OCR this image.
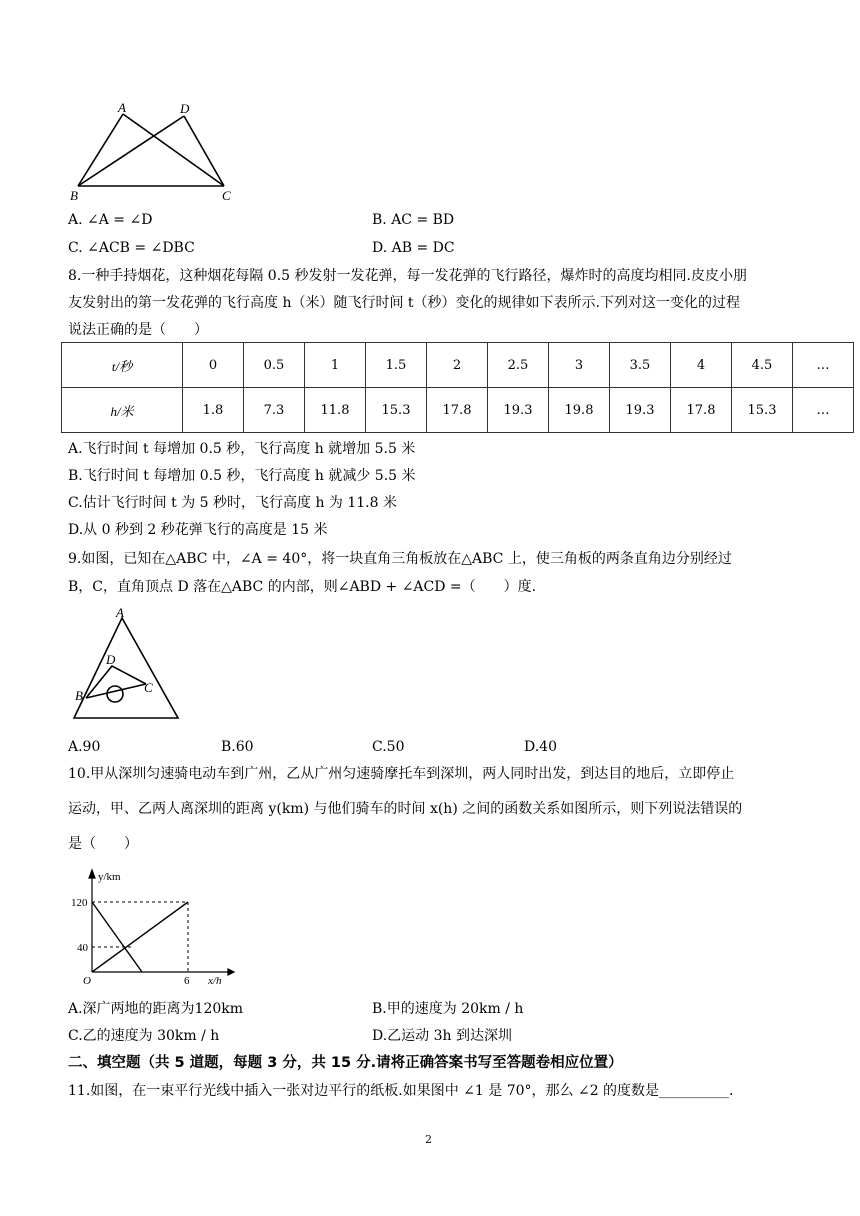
A	D
B	C
A. ∠A = ∠D	B. AC = BD
C. ∠ACB = ∠DBC	D. AB = DC
8.一种手持烟花，这种烟花每隔 0.5 秒发射一发花弹，每一发花弹的飞行路径，爆炸时的高度均相同.皮皮小朋
友发射出的第一发花弹的飞行高度 h（米）随飞行时间 t（秒）变化的规律如下表所示.下列对这一变化的过程
说法正确的是（　　）
t/秒	0	0.5	1	1.5	2	2.5	3	3.5	4	4.5	…
h/米	1.8	7.3	11.8	15.3	17.8	19.3	19.8	19.3	17.8	15.3	…
A.飞行时间 t 每增加 0.5 秒，飞行高度 h 就增加 5.5 米
B.飞行时间 t 每增加 0.5 秒，飞行高度 h 就减少 5.5 米
C.估计飞行时间 t 为 5 秒时，飞行高度 h 为 11.8 米
D.从 0 秒到 2 秒花弹飞行的高度是 15 米
9.如图，已知在△ABC 中，∠A = 40°，将一块直角三角板放在△ABC 上，使三角板的两条直角边分别经过
B，C，直角顶点 D 落在△ABC 的内部，则∠ABD + ∠ACD =（　　）度.
A
D
B
C
A.90	B.60	C.50	D.40
10.甲从深圳匀速骑电动车到广州，乙从广州匀速骑摩托车到深圳，两人同时出发，到达目的地后，立即停止
运动，甲、乙两人离深圳的距离 y(km) 与他们骑车的时间 x(h) 之间的函数关系如图所示，则下列说法错误的
是（　　）
y/km
x/h
O
120
40
6
A.深广两地的距离为120km	B.甲的速度为 20km / h
C.乙的速度为 30km / h	D.乙运动 3h 到达深圳
二、填空题（共 5 道题，每题 3 分，共 15 分.请将正确答案书写至答题卷相应位置）
11.如图，在一束平行光线中插入一张对边平行的纸板.如果图中 ∠1 是 70°，那么 ∠2 的度数是__________.
2
